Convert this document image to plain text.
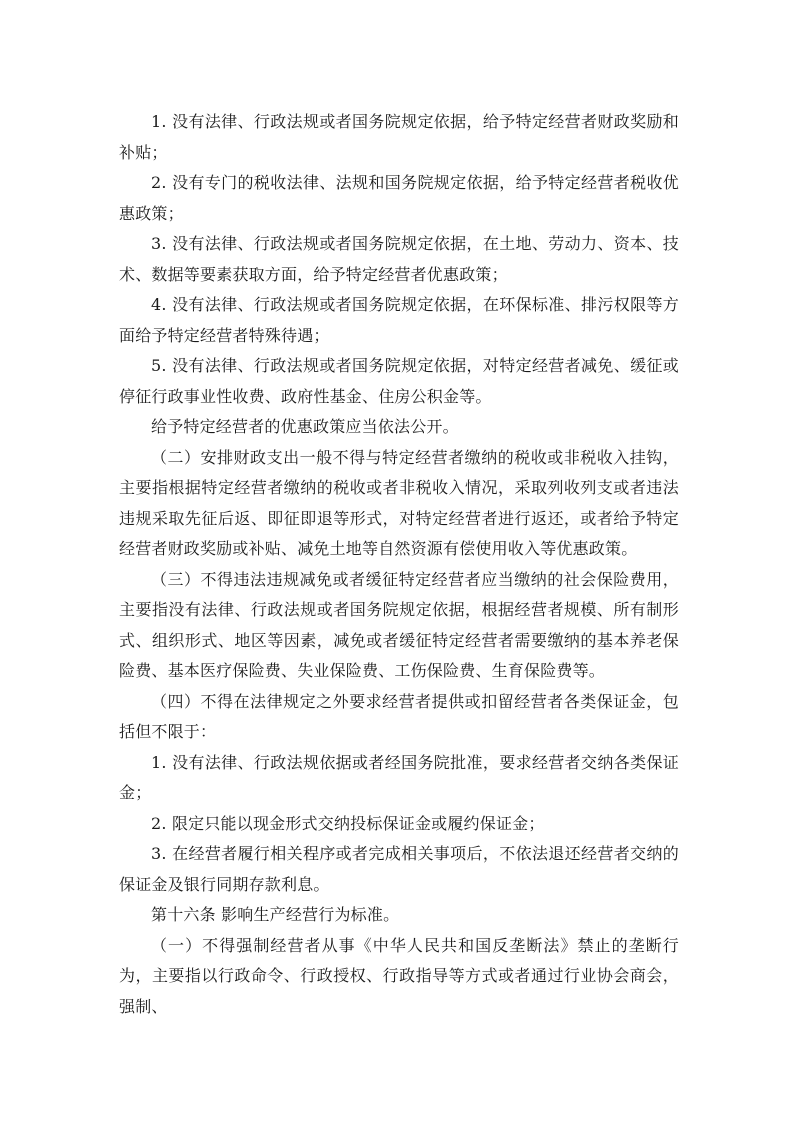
1. 没有法律、行政法规或者国务院规定依据，给予特定经营者财政奖励和补贴；

2. 没有专门的税收法律、法规和国务院规定依据，给予特定经营者税收优惠政策；

3. 没有法律、行政法规或者国务院规定依据，在土地、劳动力、资本、技术、数据等要素获取方面，给予特定经营者优惠政策；

4. 没有法律、行政法规或者国务院规定依据，在环保标准、排污权限等方面给予特定经营者特殊待遇；

5. 没有法律、行政法规或者国务院规定依据，对特定经营者减免、缓征或停征行政事业性收费、政府性基金、住房公积金等。

给予特定经营者的优惠政策应当依法公开。

（二）安排财政支出一般不得与特定经营者缴纳的税收或非税收入挂钩，主要指根据特定经营者缴纳的税收或者非税收入情况，采取列收列支或者违法违规采取先征后返、即征即退等形式，对特定经营者进行返还，或者给予特定经营者财政奖励或补贴、减免土地等自然资源有偿使用收入等优惠政策。

（三）不得违法违规减免或者缓征特定经营者应当缴纳的社会保险费用，主要指没有法律、行政法规或者国务院规定依据，根据经营者规模、所有制形式、组织形式、地区等因素，减免或者缓征特定经营者需要缴纳的基本养老保险费、基本医疗保险费、失业保险费、工伤保险费、生育保险费等。

（四）不得在法律规定之外要求经营者提供或扣留经营者各类保证金，包括但不限于：

1. 没有法律、行政法规依据或者经国务院批准，要求经营者交纳各类保证金；

2. 限定只能以现金形式交纳投标保证金或履约保证金；

3. 在经营者履行相关程序或者完成相关事项后，不依法退还经营者交纳的保证金及银行同期存款利息。

第十六条 影响生产经营行为标准。

（一）不得强制经营者从事《中华人民共和国反垄断法》禁止的垄断行为，主要指以行政命令、行政授权、行政指导等方式或者通过行业协会商会，强制、
